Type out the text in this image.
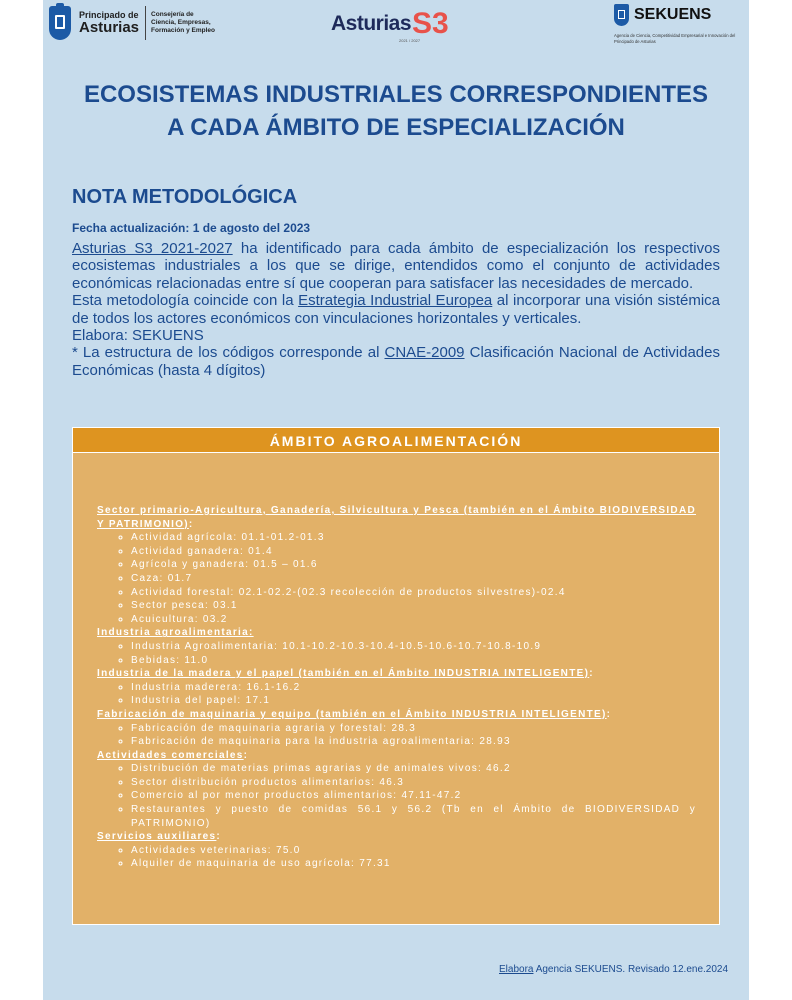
Principado de
Asturias
Consejería de
Ciencia, Empresas,
Formación y Empleo	Asturias S3
2021 / 2027
SEKUENS
Agencia de Ciencia, Competitividad Empresarial e Innovación del Principado de Asturias
ECOSISTEMAS INDUSTRIALES CORRESPONDIENTES
A CADA ÁMBITO DE ESPECIALIZACIÓN
NOTA METODOLÓGICA
Fecha actualización: 1 de agosto del 2023

Asturias S3 2021-2027 ha identificado para cada ámbito de especialización los respectivos ecosistemas industriales a los que se dirige, entendidos como el conjunto de actividades económicas relacionadas entre sí que cooperan para satisfacer las necesidades de mercado.

Esta metodología coincide con la Estrategia Industrial Europea al incorporar una visión sistémica de todos los actores económicos con vinculaciones horizontales y verticales.

Elabora: SEKUENS

* La estructura de los códigos corresponde al CNAE-2009 Clasificación Nacional de Actividades Económicas (hasta 4 dígitos)

ÁMBITO AGROALIMENTACIÓN
Sector primario-Agricultura, Ganadería, Silvicultura y Pesca (también en el Ámbito BIODIVERSIDAD Y PATRIMONIO):
◦ Actividad agrícola: 01.1-01.2-01.3
◦ Actividad ganadera: 01.4
◦ Agrícola y ganadera: 01.5 – 01.6
◦ Caza: 01.7
◦ Actividad forestal: 02.1-02.2-(02.3 recolección de productos silvestres)-02.4
◦ Sector pesca: 03.1
◦ Acuicultura: 03.2
Industria agroalimentaria:
◦ Industria Agroalimentaria: 10.1-10.2-10.3-10.4-10.5-10.6-10.7-10.8-10.9
◦ Bebidas: 11.0
Industria de la madera y el papel (también en el Ámbito INDUSTRIA INTELIGENTE):
◦ Industria maderera: 16.1-16.2
◦ Industria del papel: 17.1
Fabricación de maquinaria y equipo (también en el Ámbito INDUSTRIA INTELIGENTE):
◦ Fabricación de maquinaria agraria y forestal: 28.3
◦ Fabricación de maquinaria para la industria agroalimentaria: 28.93
Actividades comerciales:
◦ Distribución de materias primas agrarias y de animales vivos: 46.2
◦ Sector distribución productos alimentarios: 46.3
◦ Comercio al por menor productos alimentarios: 47.11-47.2
◦ Restaurantes y puesto de comidas 56.1 y 56.2 (Tb en el Ámbito de BIODIVERSIDAD y PATRIMONIO)
Servicios auxiliares:
◦ Actividades veterinarias: 75.0
◦ Alquiler de maquinaria de uso agrícola: 77.31
Elabora Agencia SEKUENS. Revisado 12.ene.2024
